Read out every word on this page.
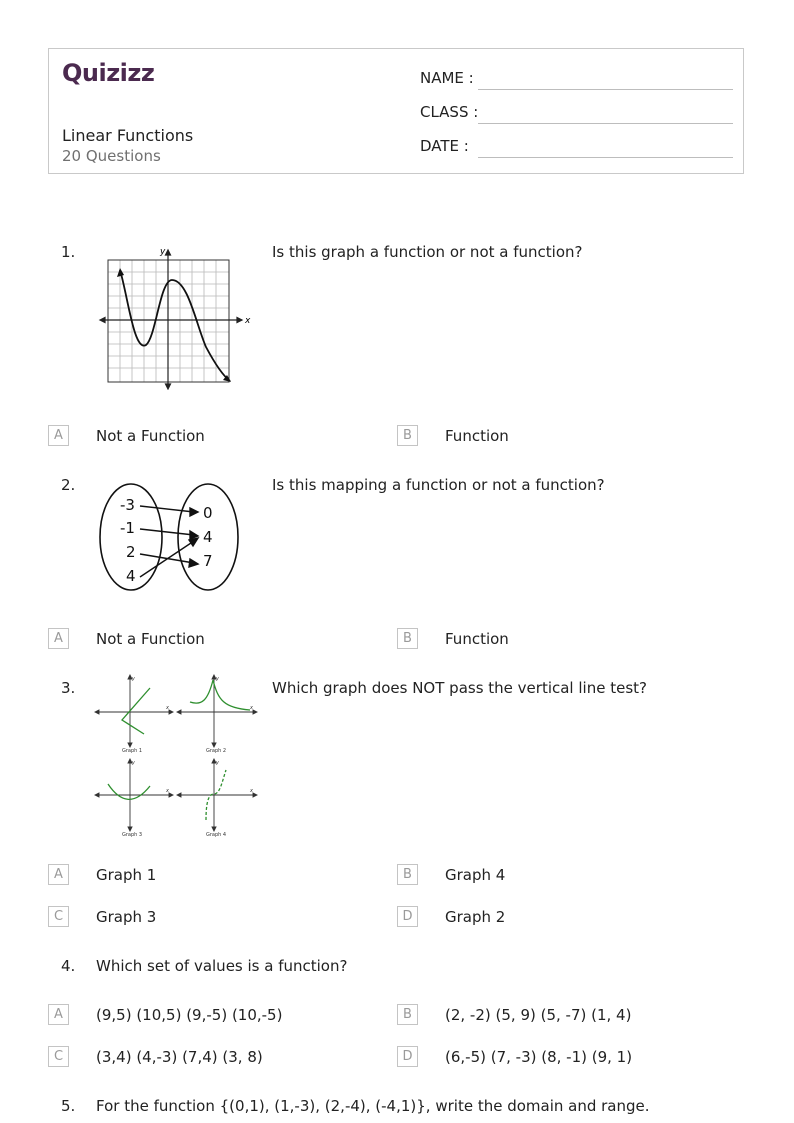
Quizizz
Linear Functions
20 Questions
NAME :
CLASS :
DATE :
1.
x
y	Is this graph a function or not a function?
A	Not a Function	B	Function
2.
-3
-1
2
4
0
4
7
Is this mapping a function or not a function?
A	Not a Function	B	Function
3.
Graph 1	Graph 2
Graph 3	Graph 4
y
x
y
x
y
x
y
x
Which graph does NOT pass the vertical line test?
A	Graph 1	B	Graph 4
C	Graph 3	D	Graph 2
4. Which set of values is a function?
A	(9,5) (10,5) (9,-5) (10,-5)	B	(2, -2) (5, 9) (5, -7) (1, 4)
C	(3,4) (4,-3) (7,4) (3, 8)	D	(6,-5) (7, -3) (8, -1) (9, 1)
5. For the function {(0,1), (1,-3), (2,-4), (-4,1)}, write the domain and range.
